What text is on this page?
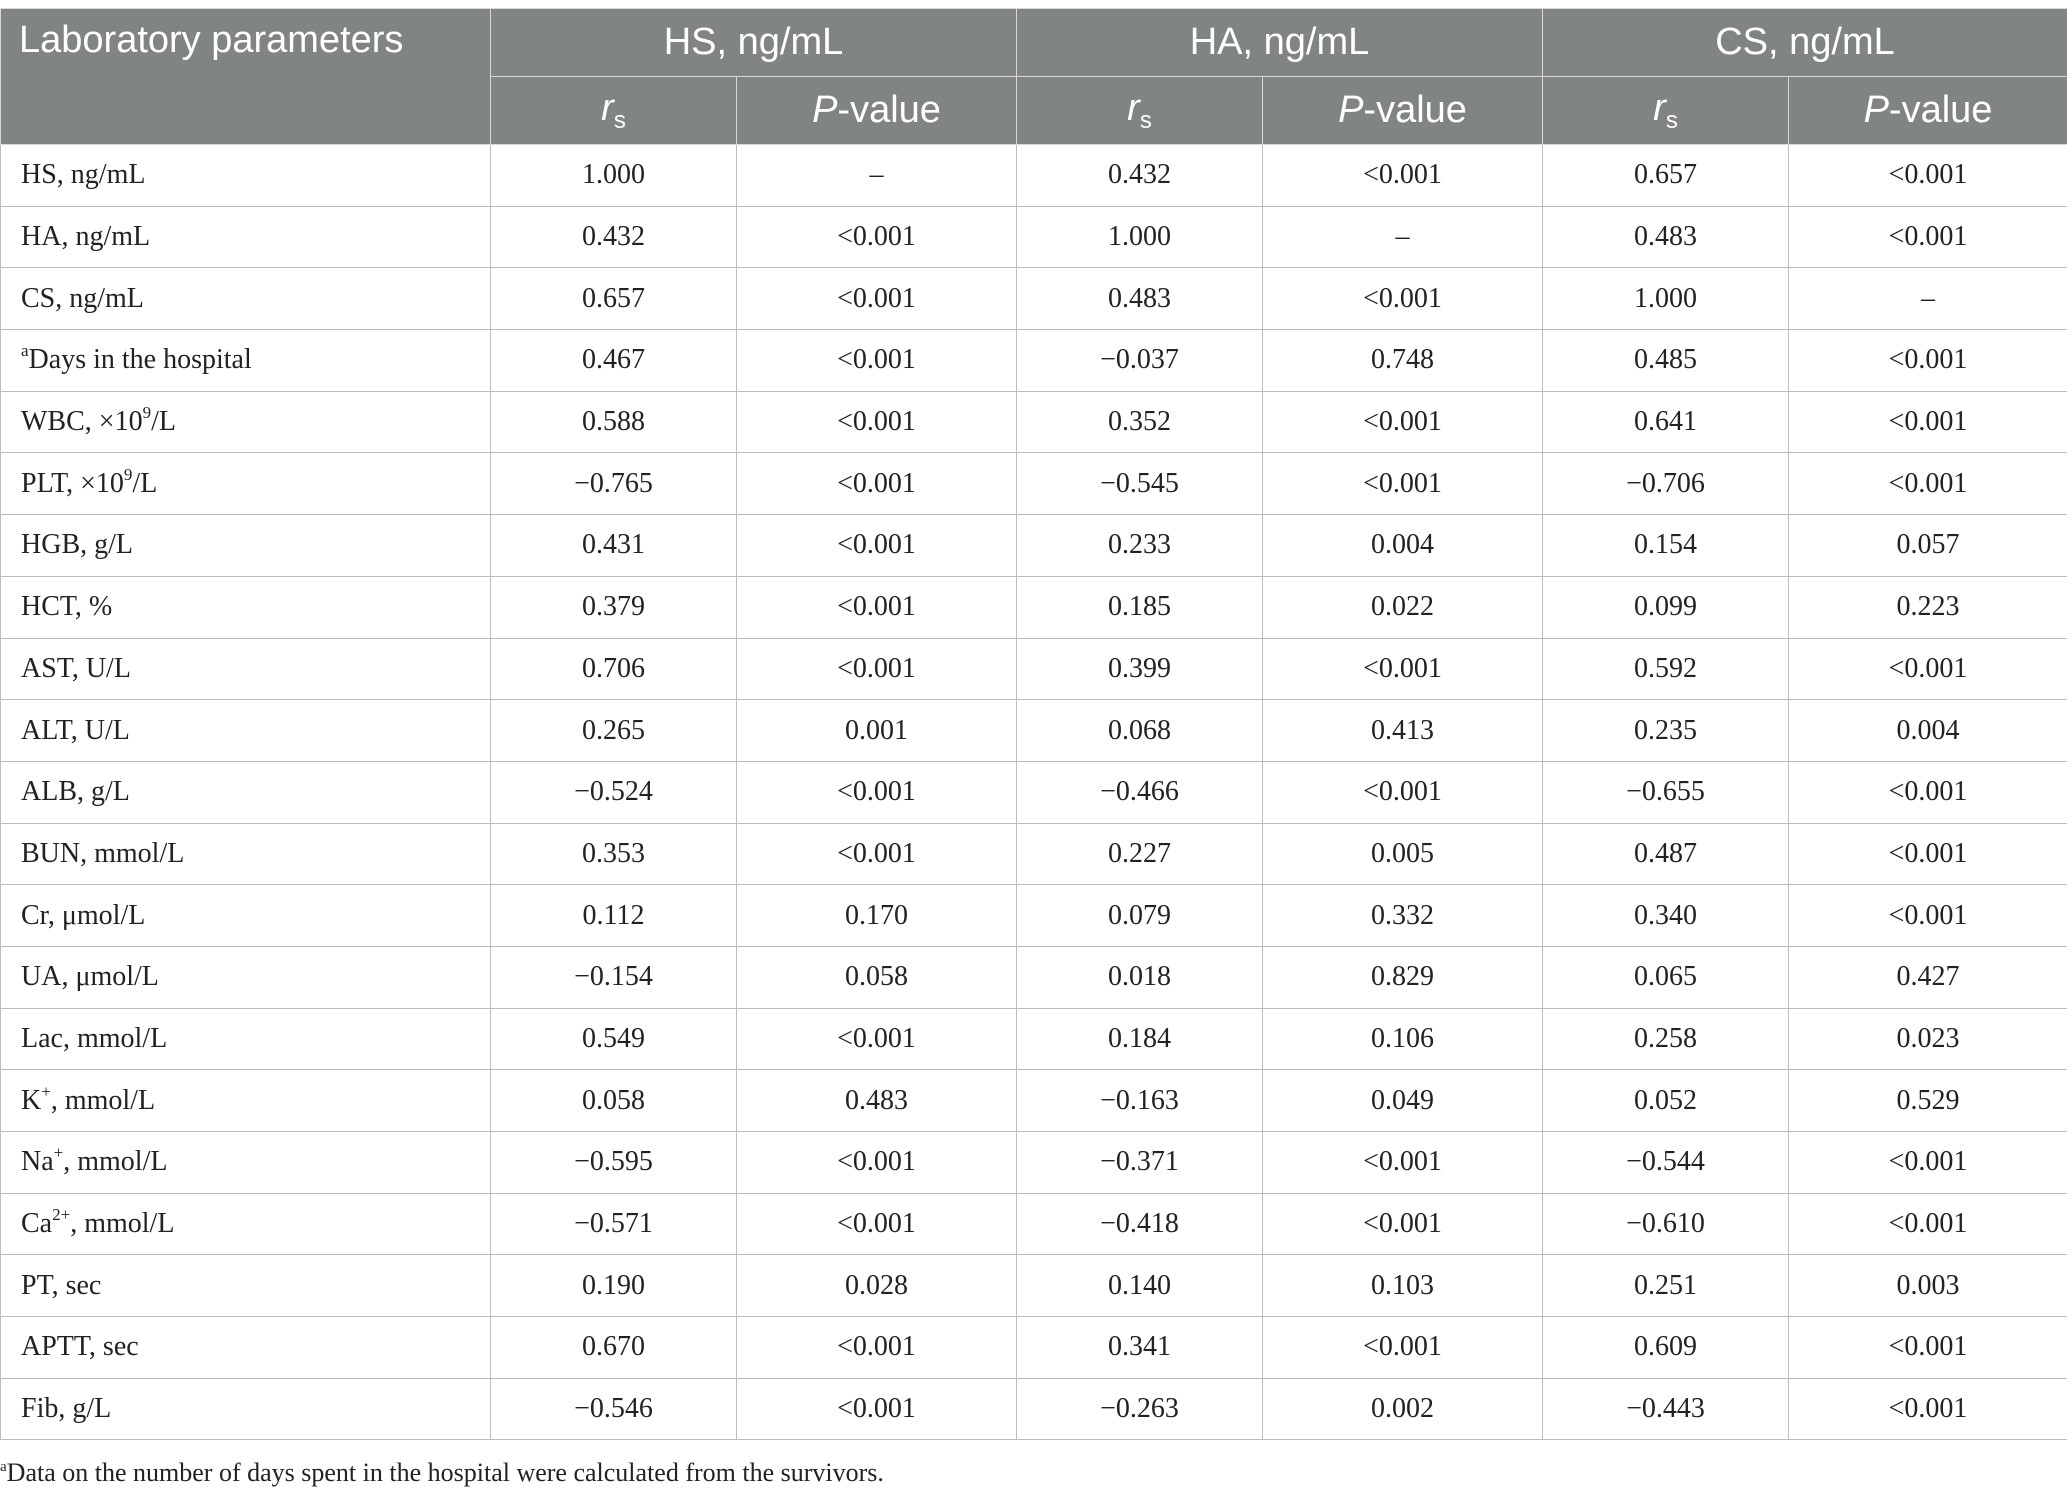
Laboratory parameters	HS, ng/mL		HA, ng/mL		CS, ng/mL	
	$r_s$	P-value	$r_s$	P-value	$r_s$	P-value
HS, ng/mL	1.000	–	0.432	<0.001	0.657	<0.001
HA, ng/mL	0.432	<0.001	1.000	–	0.483	<0.001
CS, ng/mL	0.657	<0.001	0.483	<0.001	1.000	–
$^a$Days in the hospital	0.467	<0.001	−0.037	0.748	0.485	<0.001
WBC, $\times 10^9/L$	0.588	<0.001	0.352	<0.001	0.641	<0.001
PLT, $\times 10^9/L$	−0.765	<0.001	−0.545	<0.001	−0.706	<0.001
HGB, g/L	0.431	<0.001	0.233	0.004	0.154	0.057
HCT, %	0.379	<0.001	0.185	0.022	0.099	0.223
AST, U/L	0.706	<0.001	0.399	<0.001	0.592	<0.001
ALT, U/L	0.265	0.001	0.068	0.413	0.235	0.004
ALB, g/L	−0.524	<0.001	−0.466	<0.001	−0.655	<0.001
BUN, mmol/L	0.353	<0.001	0.227	0.005	0.487	<0.001
Cr, μmol/L	0.112	0.170	0.079	0.332	0.340	<0.001
UA, μmol/L	−0.154	0.058	0.018	0.829	0.065	0.427
Lac, mmol/L	0.549	<0.001	0.184	0.106	0.258	0.023
K+, mmol/L	0.058	0.483	−0.163	0.049	0.052	0.529
Na+, mmol/L	−0.595	<0.001	−0.371	<0.001	−0.544	<0.001
$Ca^{2+}$, mmol/L	−0.571	<0.001	−0.418	<0.001	−0.610	<0.001
PT, sec	0.190	0.028	0.140	0.103	0.251	0.003
APTT, sec	0.670	<0.001	0.341	<0.001	0.609	<0.001
Fib, g/L	−0.546	<0.001	−0.263	0.002	−0.443	<0.001
$^a$Data on the number of days spent in the hospital were calculated from the survivors.
